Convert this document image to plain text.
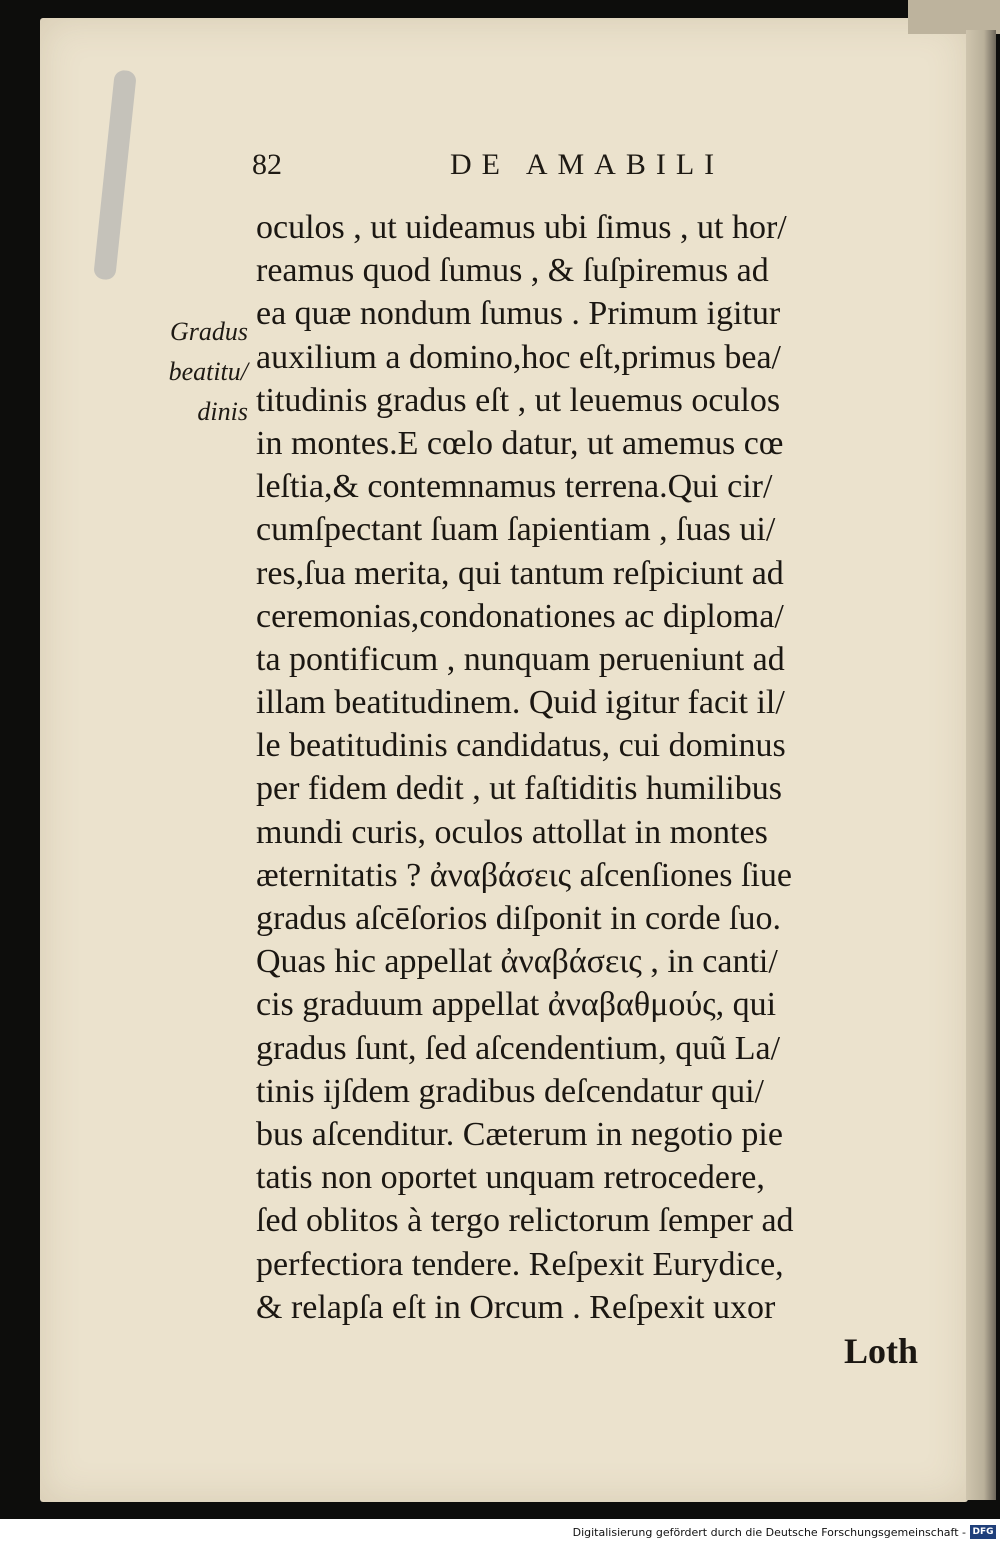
82	DE AMABILI
Gradus
beatitu/
dinis
oculos , ut uideamus ubi ſimus , ut hor/
reamus quod ſumus , & ſuſpiremus ad
ea quæ nondum ſumus . Primum igitur
auxilium a domino,hoc eſt,primus bea/
titudinis gradus eſt , ut leuemus oculos
in montes.E cœlo datur, ut amemus cœ
leſtia,& contemnamus terrena.Qui cir/
cumſpectant ſuam ſapientiam , ſuas ui/
res,ſua merita, qui tantum reſpiciunt ad
ceremonias,condonationes ac diploma/
ta pontificum , nunquam perueniunt ad
illam beatitudinem. Quid igitur facit il/
le beatitudinis candidatus, cui dominus
per fidem dedit , ut faſtiditis humilibus
mundi curis, oculos attollat in montes
æternitatis ? ἀναβάσεις aſcenſiones ſiue
gradus aſcēſorios diſponit in corde ſuo.
Quas hic appellat ἀναβάσεις , in canti/
cis graduum appellat ἀναβαθμούς, qui
gradus ſunt, ſed aſcendentium, quũ La/
tinis ijſdem gradibus deſcendatur qui/
bus aſcenditur. Cæterum in negotio pie
tatis non oportet unquam retrocedere,
ſed oblitos à tergo relictorum ſemper ad
perfectiora tendere. Reſpexit Eurydice,
& relapſa eſt in Orcum . Reſpexit uxor
Loth
Digitalisierung gefördert durch die Deutsche Forschungsgemeinschaft - DFG
